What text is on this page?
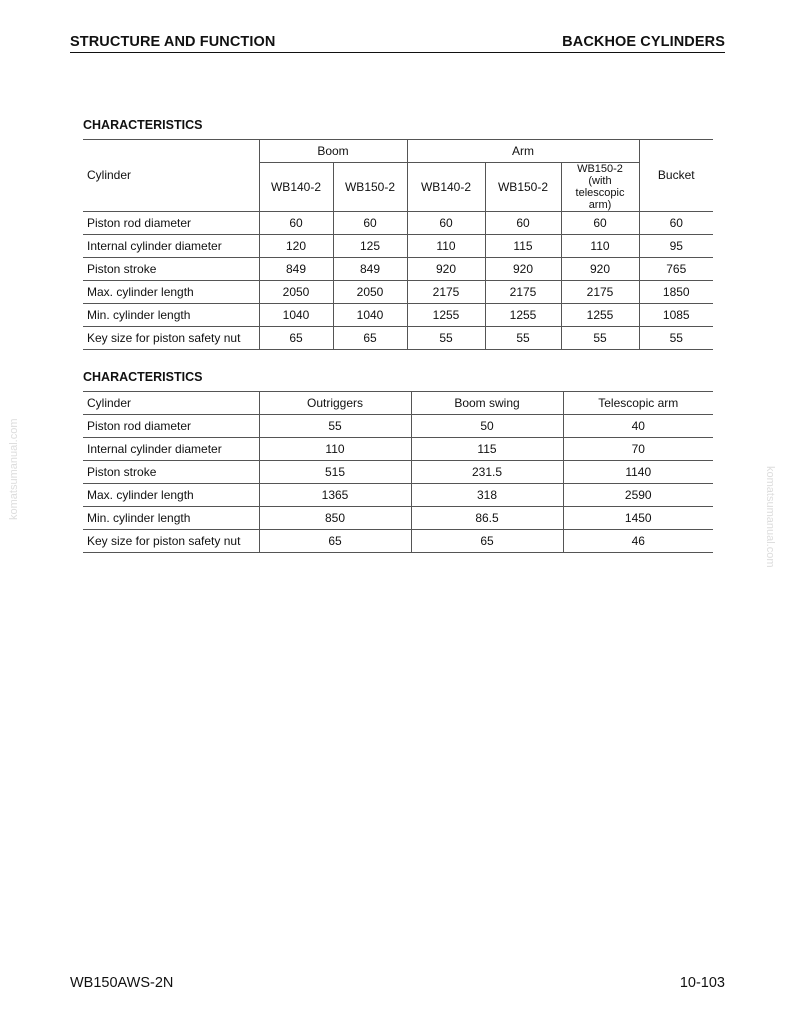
STRUCTURE AND FUNCTION	BACKHOE CYLINDERS
CHARACTERISTICS
Cylinder	Boom		Arm			Bucket
	WB140-2	WB150-2	WB140-2	WB150-2	WB150-2
(with telescopic
arm)	
Piston rod diameter	60	60	60	60	60	60
Internal cylinder diameter	120	125	110	115	110	95
Piston stroke	849	849	920	920	920	765
Max. cylinder length	2050	2050	2175	2175	2175	1850
Min. cylinder length	1040	1040	1255	1255	1255	1085
Key size for piston safety nut	65	65	55	55	55	55
CHARACTERISTICS
Cylinder	Outriggers	Boom swing	Telescopic arm
Piston rod diameter	55	50	40
Internal cylinder diameter	110	115	70
Piston stroke	515	231.5	1140
Max. cylinder length	1365	318	2590
Min. cylinder length	850	86.5	1450
Key size for piston safety nut	65	65	46
komatsumanual.com	komatsumanual.com
WB150AWS-2N	10-103
